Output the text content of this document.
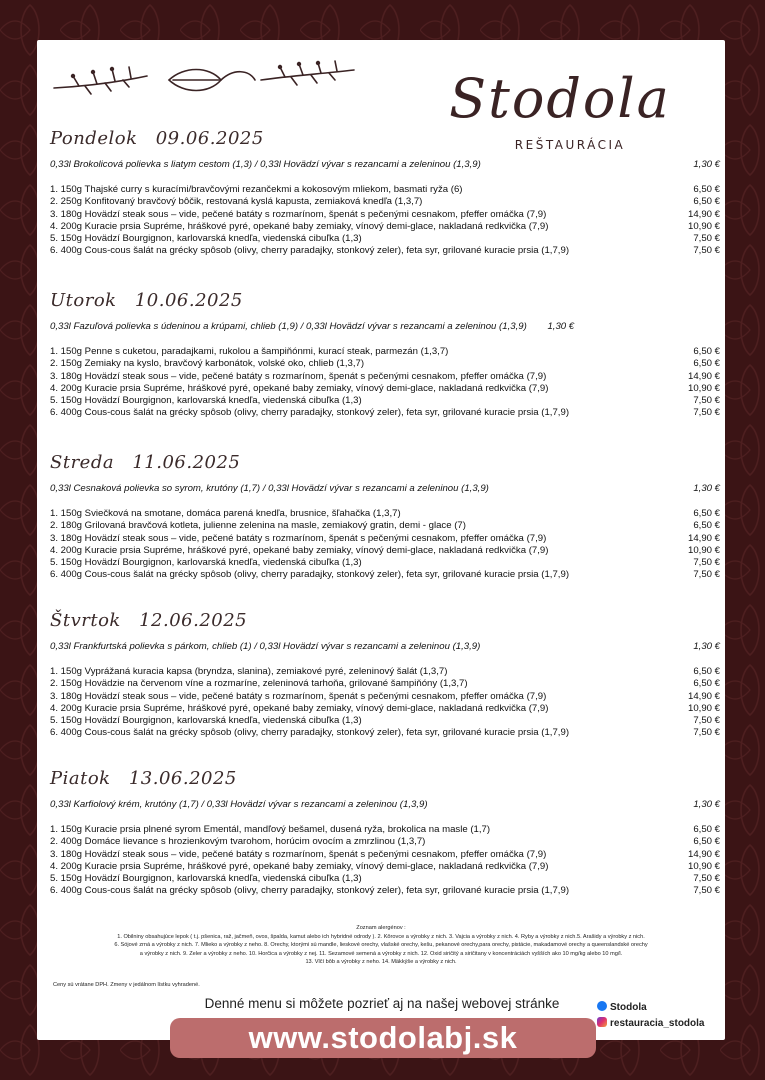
Stodola
REŠTAURÁCIA
Pondelok 09.06.2025
0,33l Brokolicová polievka s liatym cestom (1,3) / 0,33l Hovädzí vývar s rezancami a zeleninou (1,3,9)	1,30 €
1. 150g Thajské curry s kuracími/bravčovými rezančekmi a kokosovým mliekom, basmati ryža (6)	6,50 €
2. 250g Konfitovaný bravčový bôčik, restovaná kyslá kapusta, zemiaková knedľa (1,3,7)	6,50 €
3. 180g Hovädzí steak sous – vide, pečené batáty s rozmarínom, špenát s pečenými cesnakom, pfeffer omáčka (7,9)	14,90 €
4. 200g Kuracie prsia Supréme, hráškové pyré, opekané baby zemiaky, vínový demi-glace, nakladaná redkvička (7,9)	10,90 €
5. 150g Hovädzí Bourgignon, karlovarská knedľa, viedenská cibuľka (1,3)	7,50 €
6. 400g Cous-cous šalát na grécky spôsob (olivy, cherry paradajky, stonkový zeler), feta syr, grilované kuracie prsia (1,7,9)	7,50 €
Utorok 10.06.2025
0,33l Fazuľová polievka s údeninou a krúpami, chlieb (1,9) / 0,33l Hovädzí vývar s rezancami a zeleninou (1,3,9) 1,30 €
1. 150g Penne s cuketou, paradajkami, rukolou a šampiňónmi, kurací steak, parmezán (1,3,7)	6,50 €
2. 150g Zemiaky na kyslo, bravčový karbonátok, volské oko, chlieb (1,3,7)	6,50 €
3. 180g Hovädzí steak sous – vide, pečené batáty s rozmarínom, špenát s pečenými cesnakom, pfeffer omáčka (7,9)	14,90 €
4. 200g Kuracie prsia Supréme, hráškové pyré, opekané baby zemiaky, vínový demi-glace, nakladaná redkvička (7,9)	10,90 €
5. 150g Hovädzí Bourgignon, karlovarská knedľa, viedenská cibuľka (1,3)	7,50 €
6. 400g Cous-cous šalát na grécky spôsob (olivy, cherry paradajky, stonkový zeler), feta syr, grilované kuracie prsia (1,7,9)	7,50 €
Streda 11.06.2025
0,33l Cesnaková polievka so syrom, krutóny (1,7) / 0,33l Hovädzí vývar s rezancami a zeleninou (1,3,9)	1,30 €
1. 150g Sviečková na smotane, domáca parená knedľa, brusnice, šľahačka (1,3,7)	6,50 €
2. 180g Grilovaná bravčová kotleta, julienne zelenina na masle, zemiakový gratin, demi - glace (7)	6,50 €
3. 180g Hovädzí steak sous – vide, pečené batáty s rozmarínom, špenát s pečenými cesnakom, pfeffer omáčka (7,9)	14,90 €
4. 200g Kuracie prsia Supréme, hráškové pyré, opekané baby zemiaky, vínový demi-glace, nakladaná redkvička (7,9)	10,90 €
5. 150g Hovädzí Bourgignon, karlovarská knedľa, viedenská cibuľka (1,3)	7,50 €
6. 400g Cous-cous šalát na grécky spôsob (olivy, cherry paradajky, stonkový zeler), feta syr, grilované kuracie prsia (1,7,9)	7,50 €
Štvrtok 12.06.2025
0,33l Frankfurtská polievka s párkom, chlieb (1) / 0,33l Hovädzí vývar s rezancami a zeleninou (1,3,9)	1,30 €
1. 150g Vyprážaná kuracia kapsa (bryndza, slanina), zemiakové pyré, zeleninový šalát (1,3,7)	6,50 €
2. 150g Hovädzie na červenom víne a rozmaríne, zeleninová tarhoňa, grilované šampiňóny (1,3,7)	6,50 €
3. 180g Hovädzí steak sous – vide, pečené batáty s rozmarínom, špenát s pečenými cesnakom, pfeffer omáčka (7,9)	14,90 €
4. 200g Kuracie prsia Supréme, hráškové pyré, opekané baby zemiaky, vínový demi-glace, nakladaná redkvička (7,9)	10,90 €
5. 150g Hovädzí Bourgignon, karlovarská knedľa, viedenská cibuľka (1,3)	7,50 €
6. 400g Cous-cous šalát na grécky spôsob (olivy, cherry paradajky, stonkový zeler), feta syr, grilované kuracie prsia (1,7,9)	7,50 €
Piatok 13.06.2025
0,33l Karfiolový krém, krutóny (1,7) / 0,33l Hovädzí vývar s rezancami a zeleninou (1,3,9)	1,30 €
1. 150g Kuracie prsia plnené syrom Ementál, mandľový bešamel, dusená ryža, brokolica na masle (1,7)	6,50 €
2. 400g Domáce lievance s hrozienkovým tvarohom, horúcim ovocím a zmrzlinou (1,3,7)	6,50 €
3. 180g Hovädzí steak sous – vide, pečené batáty s rozmarínom, špenát s pečenými cesnakom, pfeffer omáčka (7,9)	14,90 €
4. 200g Kuracie prsia Supréme, hráškové pyré, opekané baby zemiaky, vínový demi-glace, nakladaná redkvička (7,9)	10,90 €
5. 150g Hovädzí Bourgignon, karlovarská knedľa, viedenská cibuľka (1,3)	7,50 €
6. 400g Cous-cous šalát na grécky spôsob (olivy, cherry paradajky, stonkový zeler), feta syr, grilované kuracie prsia (1,7,9)	7,50 €
Zoznam alergénov :
1. Obilniny obsahujúce lepok ( t.j. pšenica, raž, jačmeň, ovos, špalda, kamut alebo ich hybridné odrody ). 2. Kôrovce a výrobky z nich. 3. Vajcia a výrobky z nich. 4. Ryby a výrobky z nich.5. Arašidy a výrobky z nich.
6. Sójové zrná a výrobky z nich. 7. Mlieko a výrobky z neho. 8. Orechy, ktorými sú mandle, lieskové orechy, vlašské orechy, kešu, pekanové orechy,para orechy, pistácie, makadamové orechy a queenslandské orechy
a výrobky z nich. 9. Zeler a výrobky z neho. 10. Horčica a výrobky z nej. 11. Sezamové semená a výrobky z nich. 12. Oxid siričitý a siričitany v koncentráciách vyšších ako 10 mg/kg alebo 10 mg/l.
13. Vlčí bôb a výrobky z neho. 14. Mäkkýše a výrobky z nich.
Ceny sú vrátane DPH. Zmeny v jedálnom lístku vyhradené.
Denné menu si môžete pozrieť aj na našej webovej stránke	Stodola
restauracia_stodola
www.stodolabj.sk
